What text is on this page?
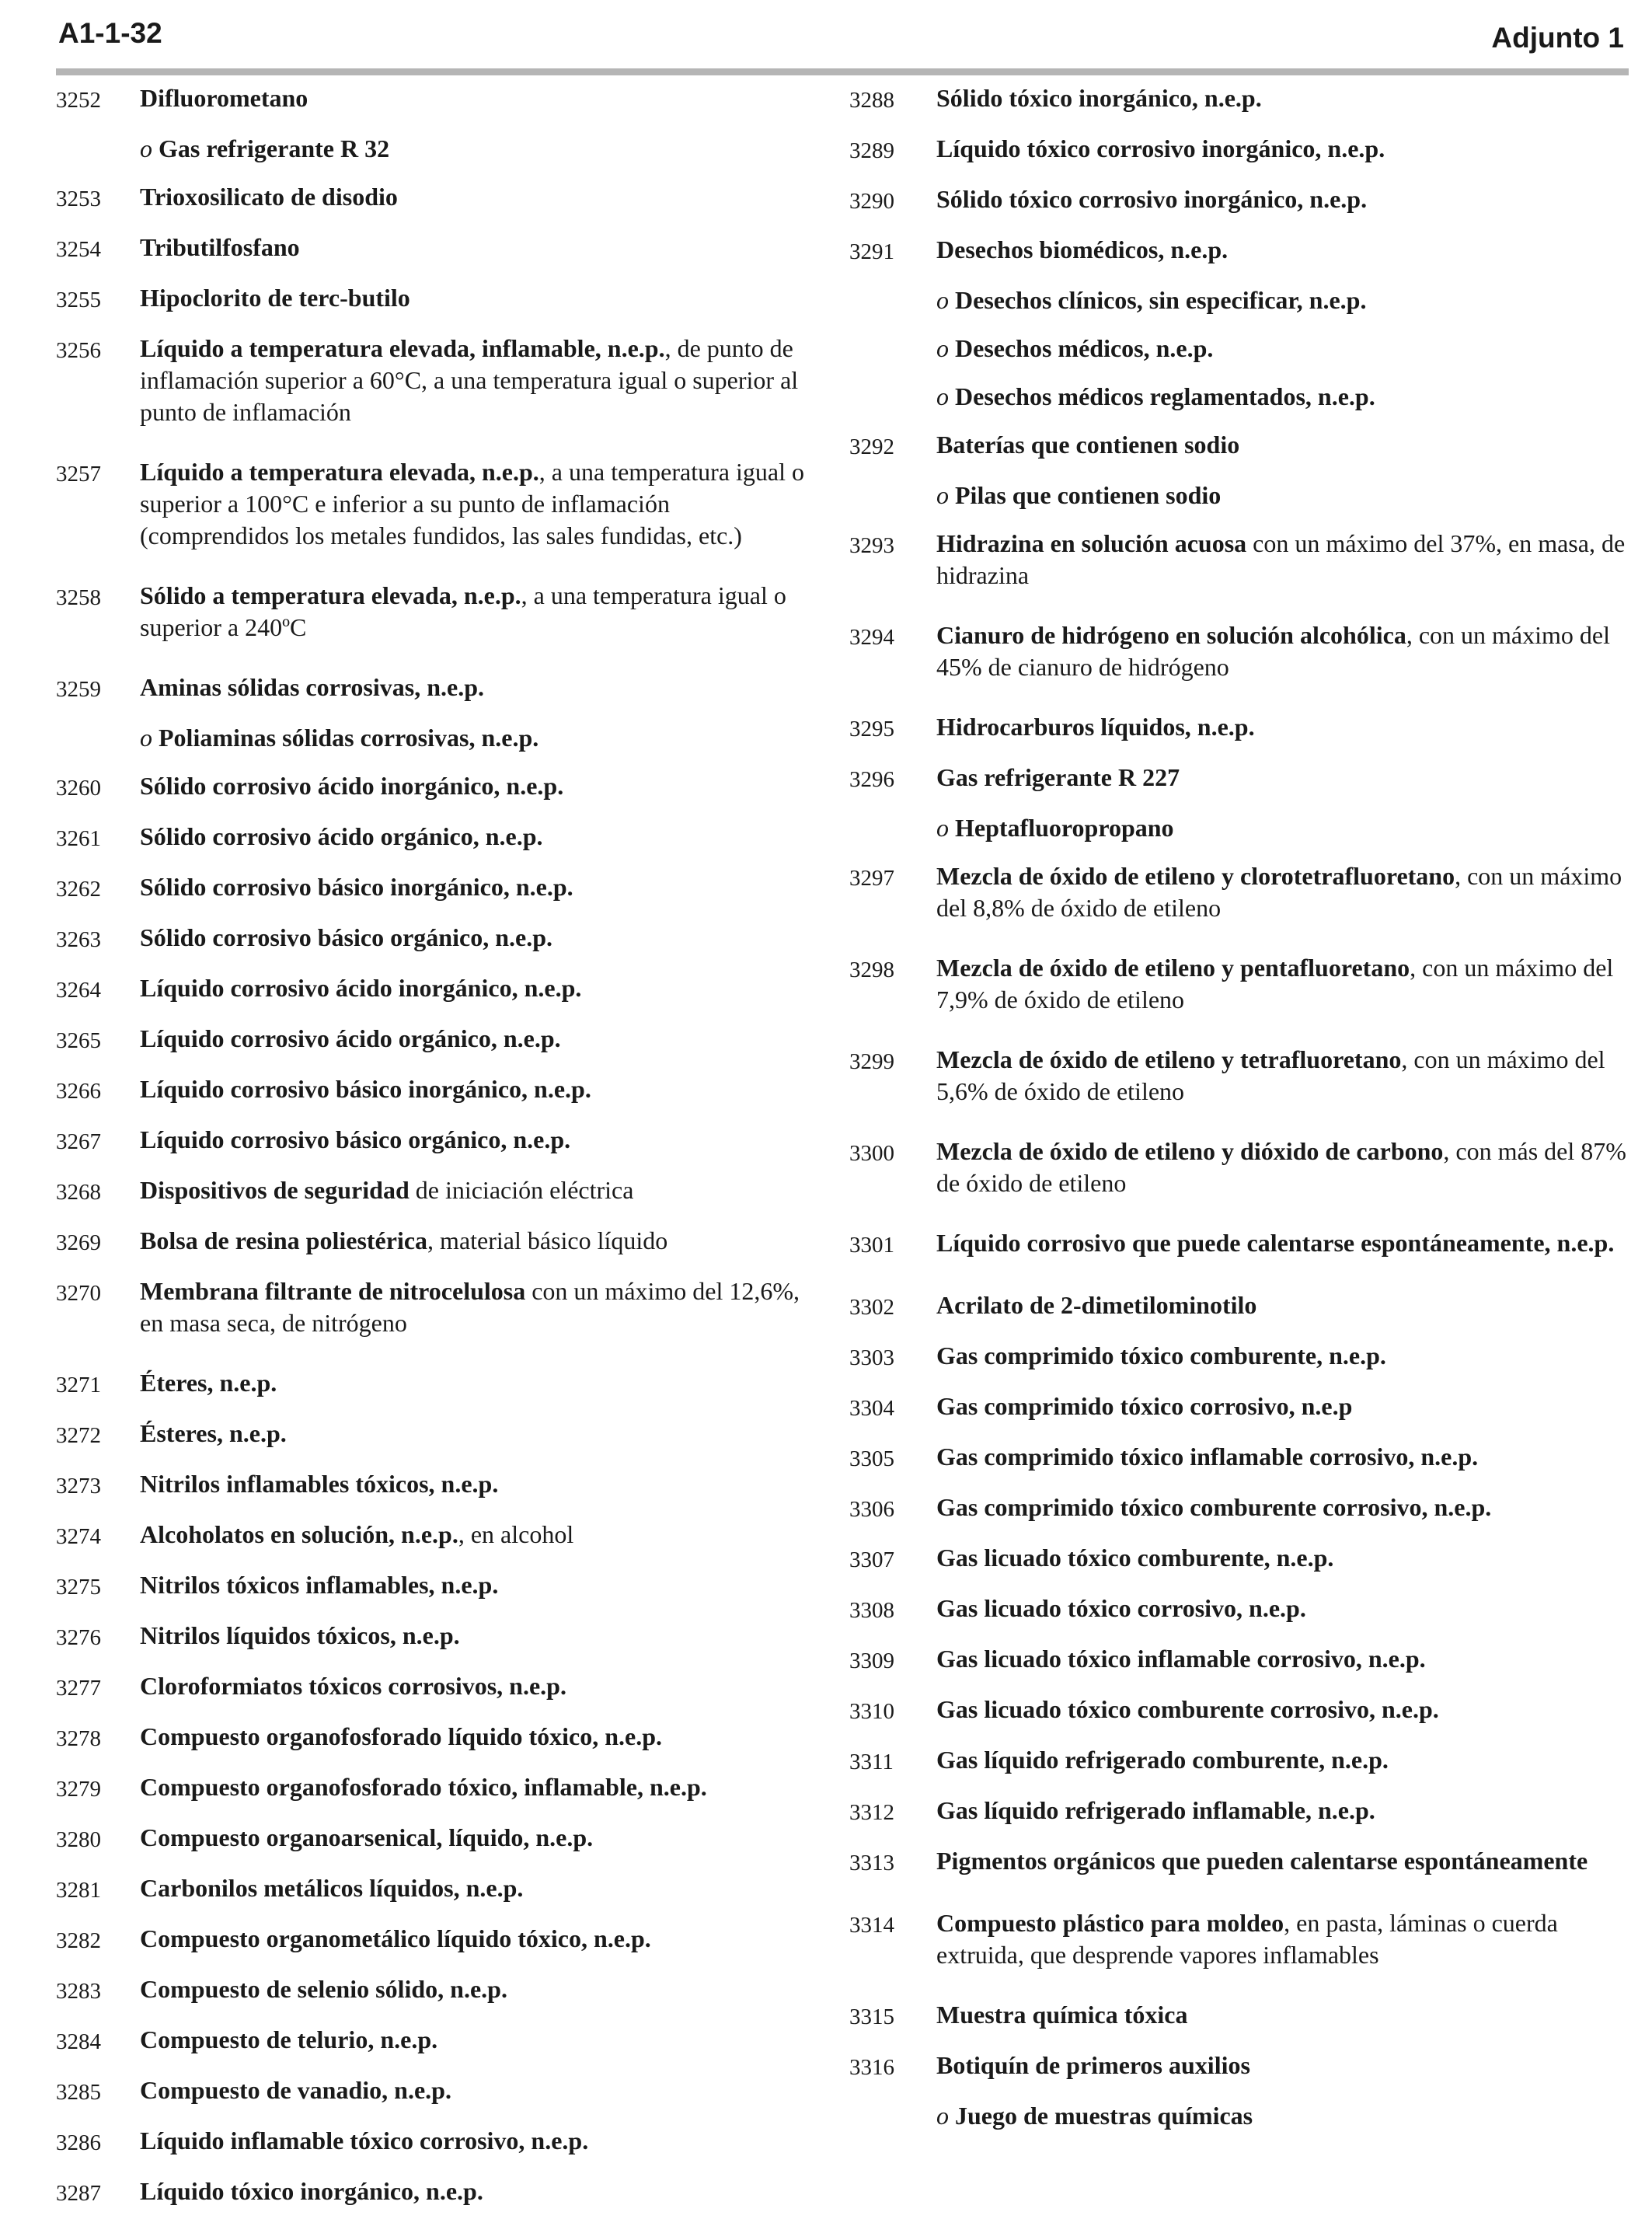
A1-1-32	Adjunto 1
3252	Difluorometano
o Gas refrigerante R 32
3253	Trioxosilicato de disodio
3254	Tributilfosfano
3255	Hipoclorito de terc-butilo
3256	Líquido a temperatura elevada, inflamable, n.e.p., de punto de inflamación superior a 60°C, a una temperatura igual o superior al punto de inflamación
3257	Líquido a temperatura elevada, n.e.p., a una temperatura igual o superior a 100°C e inferior a su punto de inflamación (comprendidos los metales fundidos, las sales fundidas, etc.)
3258	Sólido a temperatura elevada, n.e.p., a una temperatura igual o superior a 240ºC
3259	Aminas sólidas corrosivas, n.e.p.
o Poliaminas sólidas corrosivas, n.e.p.
3260	Sólido corrosivo ácido inorgánico, n.e.p.
3261	Sólido corrosivo ácido orgánico, n.e.p.
3262	Sólido corrosivo básico inorgánico, n.e.p.
3263	Sólido corrosivo básico orgánico, n.e.p.
3264	Líquido corrosivo ácido inorgánico, n.e.p.
3265	Líquido corrosivo ácido orgánico, n.e.p.
3266	Líquido corrosivo básico inorgánico, n.e.p.
3267	Líquido corrosivo básico orgánico, n.e.p.
3268	Dispositivos de seguridad de iniciación eléctrica
3269	Bolsa de resina poliestérica, material básico líquido
3270	Membrana filtrante de nitrocelulosa con un máximo del 12,6%, en masa seca, de nitrógeno
3271	Éteres, n.e.p.
3272	Ésteres, n.e.p.
3273	Nitrilos inflamables tóxicos, n.e.p.
3274	Alcoholatos en solución, n.e.p., en alcohol
3275	Nitrilos tóxicos inflamables, n.e.p.
3276	Nitrilos líquidos tóxicos, n.e.p.
3277	Cloroformiatos tóxicos corrosivos, n.e.p.
3278	Compuesto organofosforado líquido tóxico, n.e.p.
3279	Compuesto organofosforado tóxico, inflamable, n.e.p.
3280	Compuesto organoarsenical, líquido, n.e.p.
3281	Carbonilos metálicos líquidos, n.e.p.
3282	Compuesto organometálico líquido tóxico, n.e.p.
3283	Compuesto de selenio sólido, n.e.p.
3284	Compuesto de telurio, n.e.p.
3285	Compuesto de vanadio, n.e.p.
3286	Líquido inflamable tóxico corrosivo, n.e.p.
3287	Líquido tóxico inorgánico, n.e.p.
3288	Sólido tóxico inorgánico, n.e.p.
3289	Líquido tóxico corrosivo inorgánico, n.e.p.
3290	Sólido tóxico corrosivo inorgánico, n.e.p.
3291	Desechos biomédicos, n.e.p.
o Desechos clínicos, sin especificar, n.e.p.
o Desechos médicos, n.e.p.
o Desechos médicos reglamentados, n.e.p.
3292	Baterías que contienen sodio
o Pilas que contienen sodio
3293	Hidrazina en solución acuosa con un máximo del 37%, en masa, de hidrazina
3294	Cianuro de hidrógeno en solución alcohólica, con un máximo del 45% de cianuro de hidrógeno
3295	Hidrocarburos líquidos, n.e.p.
3296	Gas refrigerante R 227
o Heptafluoropropano
3297	Mezcla de óxido de etileno y clorotetrafluoretano, con un máximo del 8,8% de óxido de etileno
3298	Mezcla de óxido de etileno y pentafluoretano, con un máximo del 7,9% de óxido de etileno
3299	Mezcla de óxido de etileno y tetrafluoretano, con un máximo del 5,6% de óxido de etileno
3300	Mezcla de óxido de etileno y dióxido de carbono, con más del 87% de óxido de etileno
3301	Líquido corrosivo que puede calentarse espontáneamente, n.e.p.
3302	Acrilato de 2-dimetilominotilo
3303	Gas comprimido tóxico comburente, n.e.p.
3304	Gas comprimido tóxico corrosivo, n.e.p
3305	Gas comprimido tóxico inflamable corrosivo, n.e.p.
3306	Gas comprimido tóxico comburente corrosivo, n.e.p.
3307	Gas licuado tóxico comburente, n.e.p.
3308	Gas licuado tóxico corrosivo, n.e.p.
3309	Gas licuado tóxico inflamable corrosivo, n.e.p.
3310	Gas licuado tóxico comburente corrosivo, n.e.p.
3311	Gas líquido refrigerado comburente, n.e.p.
3312	Gas líquido refrigerado inflamable, n.e.p.
3313	Pigmentos orgánicos que pueden calentarse espontáneamente
3314	Compuesto plástico para moldeo, en pasta, láminas o cuerda extruida, que desprende vapores inflamables
3315	Muestra química tóxica
3316	Botiquín de primeros auxilios
o Juego de muestras químicas
